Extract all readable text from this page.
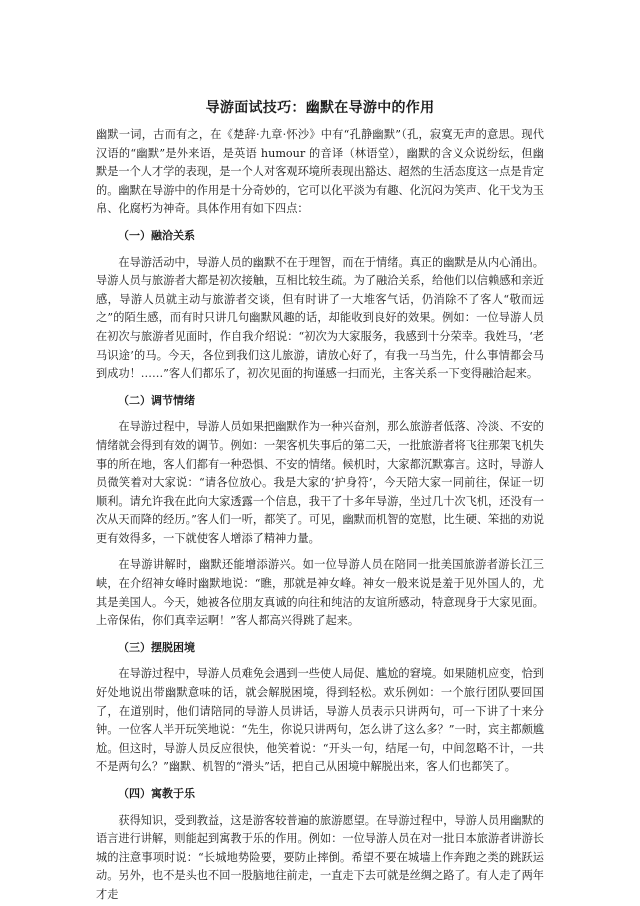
导游面试技巧：幽默在导游中的作用

幽默一词，古而有之，在《楚辞·九章·怀沙》中有“孔静幽默”（孔，寂寞无声的意思。现代汉语的“幽默”是外来语，是英语 humour 的音译（林语堂），幽默的含义众说纷纭，但幽默是一个人才学的表现，是一个人对客观环境所表现出豁达、超然的生活态度这一点是肯定的。幽默在导游中的作用是十分奇妙的，它可以化平淡为有趣、化沉闷为笑声、化干戈为玉帛、化腐朽为神奇。具体作用有如下四点：

（一）融洽关系

在导游活动中，导游人员的幽默不在于理智，而在于情绪。真正的幽默是从内心涌出。导游人员与旅游者大都是初次接触，互相比较生疏。为了融洽关系，给他们以信赖感和亲近感，导游人员就主动与旅游者交谈，但有时讲了一大堆客气话，仍消除不了客人“敬而远之”的陌生感，而有时只讲几句幽默风趣的话，却能收到良好的效果。例如：一位导游人员在初次与旅游者见面时，作自我介绍说：“初次为大家服务，我感到十分荣幸。我姓马，‘老马识途’的马。今天，各位到我们这儿旅游，请放心好了，有我一马当先，什么事情都会马到成功！……”客人们都乐了，初次见面的拘谨感一扫而光，主客关系一下变得融洽起来。

（二）调节情绪

在导游过程中，导游人员如果把幽默作为一种兴奋剂，那么旅游者低落、冷淡、不安的情绪就会得到有效的调节。例如：一架客机失事后的第二天，一批旅游者将飞往那架飞机失事的所在地，客人们都有一种恐惧、不安的情绪。候机时，大家都沉默寡言。这时，导游人员微笑着对大家说：“请各位放心。我是大家的‘护身符’，今天陪大家一同前往，保证一切顺利。请允许我在此向大家透露一个信息，我干了十多年导游，坐过几十次飞机，还没有一次从天而降的经历。”客人们一听，都笑了。可见，幽默而机智的宽慰，比生硬、笨拙的劝说更有效得多，一下就使客人增添了精神力量。

在导游讲解时，幽默还能增添游兴。如一位导游人员在陪同一批美国旅游者游长江三峡，在介绍神女峰时幽默地说：“瞧，那就是神女峰。神女一般来说是羞于见外国人的，尤其是美国人。今天，她被各位朋友真诚的向往和纯洁的友谊所感动，特意现身于大家见面。上帝保佑，你们真幸运啊！”客人都高兴得跳了起来。

（三）摆脱困境

在导游过程中，导游人员难免会遇到一些使人局促、尴尬的窘境。如果随机应变，恰到好处地说出带幽默意味的话，就会解脱困境，得到轻松。欢乐例如：一个旅行团队要回国了，在道别时，他们请陪同的导游人员讲话，导游人员表示只讲两句，可一下讲了十来分钟。一位客人半开玩笑地说：“先生，你说只讲两句，怎么讲了这么多？”一时，宾主都颇尴尬。但这时，导游人员反应很快，他笑着说：“开头一句，结尾一句，中间忽略不计，一共不是两句么？”幽默、机智的“滑头”话，把自己从困境中解脱出来，客人们也都笑了。

（四）寓教于乐

获得知识，受到教益，这是游客较普遍的旅游愿望。在导游过程中，导游人员用幽默的语言进行讲解，则能起到寓教于乐的作用。例如：一位导游人员在对一批日本旅游者讲游长城的注意事项时说：“长城地势险要，要防止摔倒。希望不要在城墙上作奔跑之类的跳跃运动。另外，也不是头也不回一股脑地往前走，一直走下去可就是丝绸之路了。有人走了两年才走
